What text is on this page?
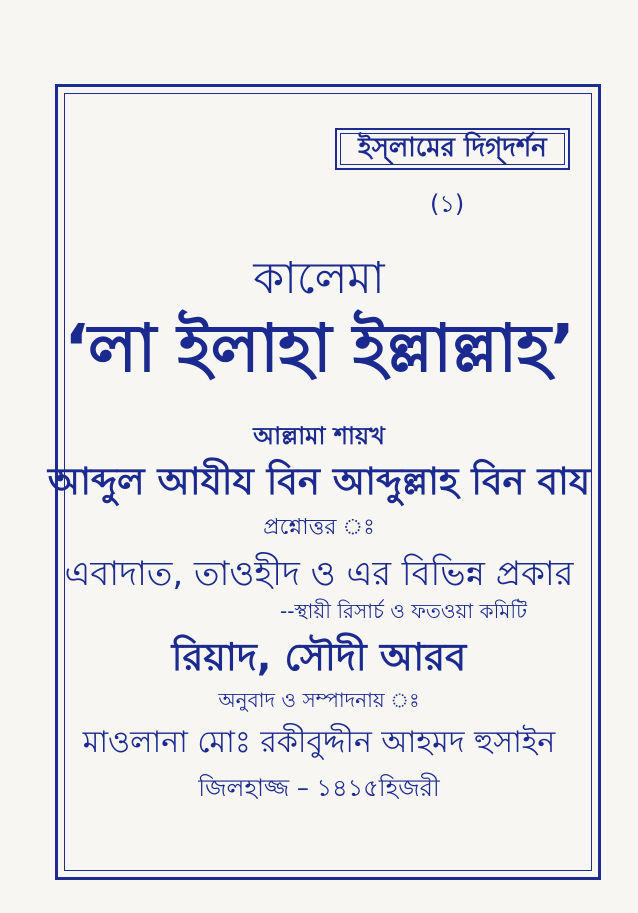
ইস্‌লামের দিগ্‌দর্শন
(১)
কালেমা
‘লা ইলাহা ইল্লাল্লাহ’
আল্লামা শায়খ
আব্দুল আযীয বিন আব্দুল্লাহ বিন বায
প্রশ্নোত্তর ঃ
এবাদাত, তাওহীদ ও এর বিভিন্ন প্রকার
--স্থায়ী রিসার্চ ও ফতওয়া কমিটি
রিয়াদ, সৌদী আরব
অনুবাদ ও সম্পাদনায় ঃ
মাওলানা মোঃ রকীবুদ্দীন আহমদ হুসাইন
জিলহাজ্জ – ১৪১৫হিজরী
